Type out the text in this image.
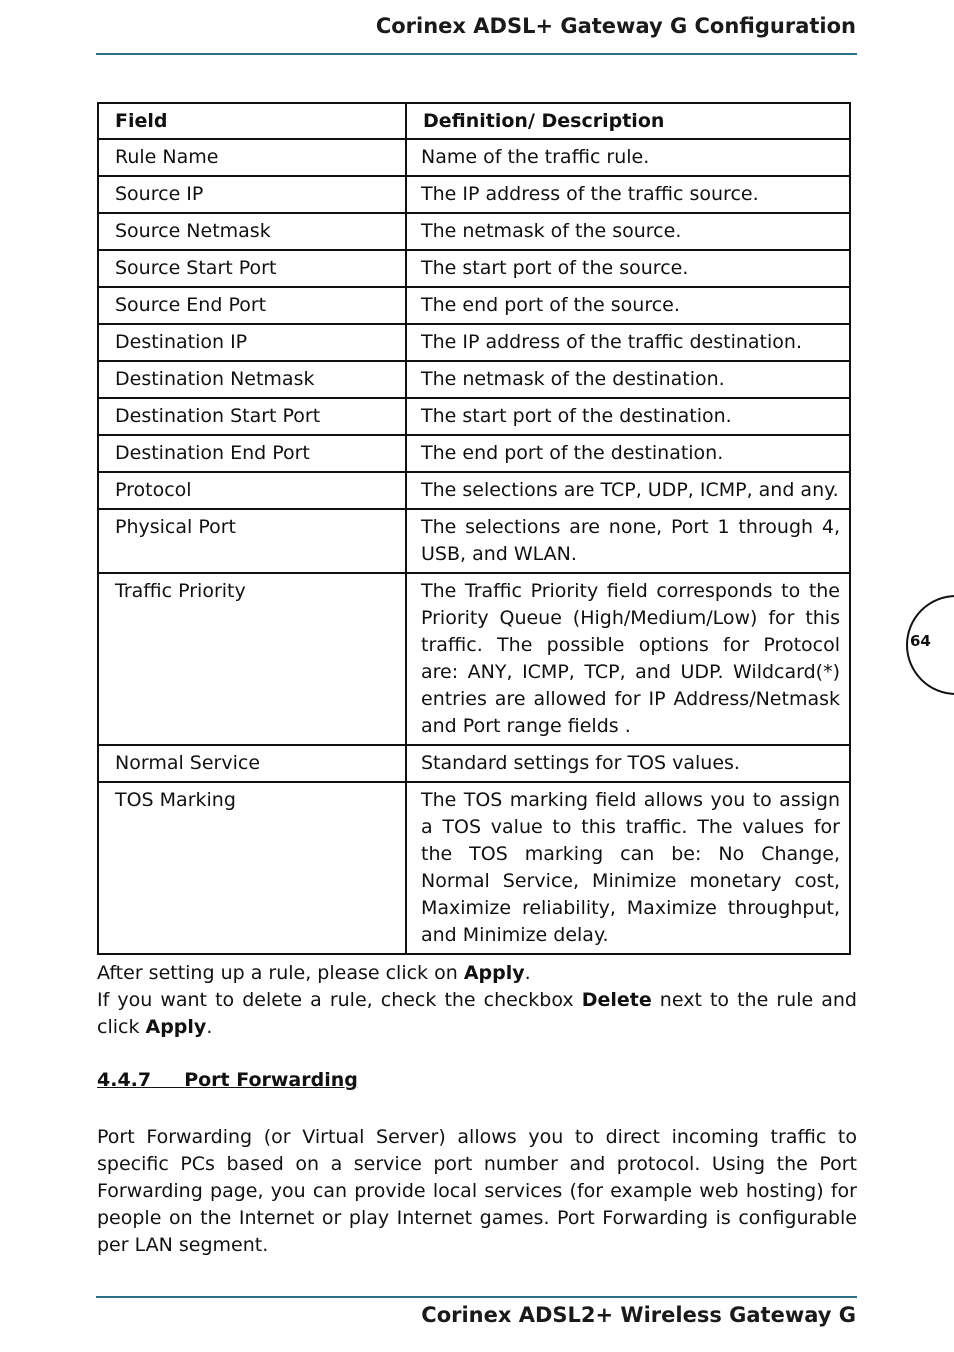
Corinex ADSL+ Gateway G Configuration
Field	Definition/ Description
Rule Name	Name of the traffic rule.
Source IP	The IP address of the traffic source.
Source Netmask	The netmask of the source.
Source Start Port	The start port of the source.
Source End Port	The end port of the source.
Destination IP	The IP address of the traffic destination.
Destination Netmask	The netmask of the destination.
Destination Start Port	The start port of the destination.
Destination End Port	The end port of the destination.
Protocol	The selections are TCP, UDP, ICMP, and any.
Physical Port	The selections are none, Port 1 through 4, USB, and WLAN.
Traffic Priority	The Traffic Priority field corresponds to the Priority Queue (High/Medium/Low) for this traffic. The possible options for Protocol are: ANY, ICMP, TCP, and UDP. Wildcard(*) entries are allowed for IP Address/Netmask and Port range fields .
Normal Service	Standard settings for TOS values.
TOS Marking	The TOS marking field allows you to assign a TOS value to this traffic. The values for the TOS marking can be: No Change, Normal Service, Minimize monetary cost, Maximize reliability, Maximize throughput, and Minimize delay.
After setting up a rule, please click on Apply.
If you want to delete a rule, check the checkbox Delete next to the rule and click Apply.
4.4.7 Port Forwarding
Port Forwarding (or Virtual Server) allows you to direct incoming traffic to specific PCs based on a service port number and protocol. Using the Port Forwarding page, you can provide local services (for example web hosting) for people on the Internet or play Internet games. Port Forwarding is configurable per LAN segment.
64
Corinex ADSL2+ Wireless Gateway G
